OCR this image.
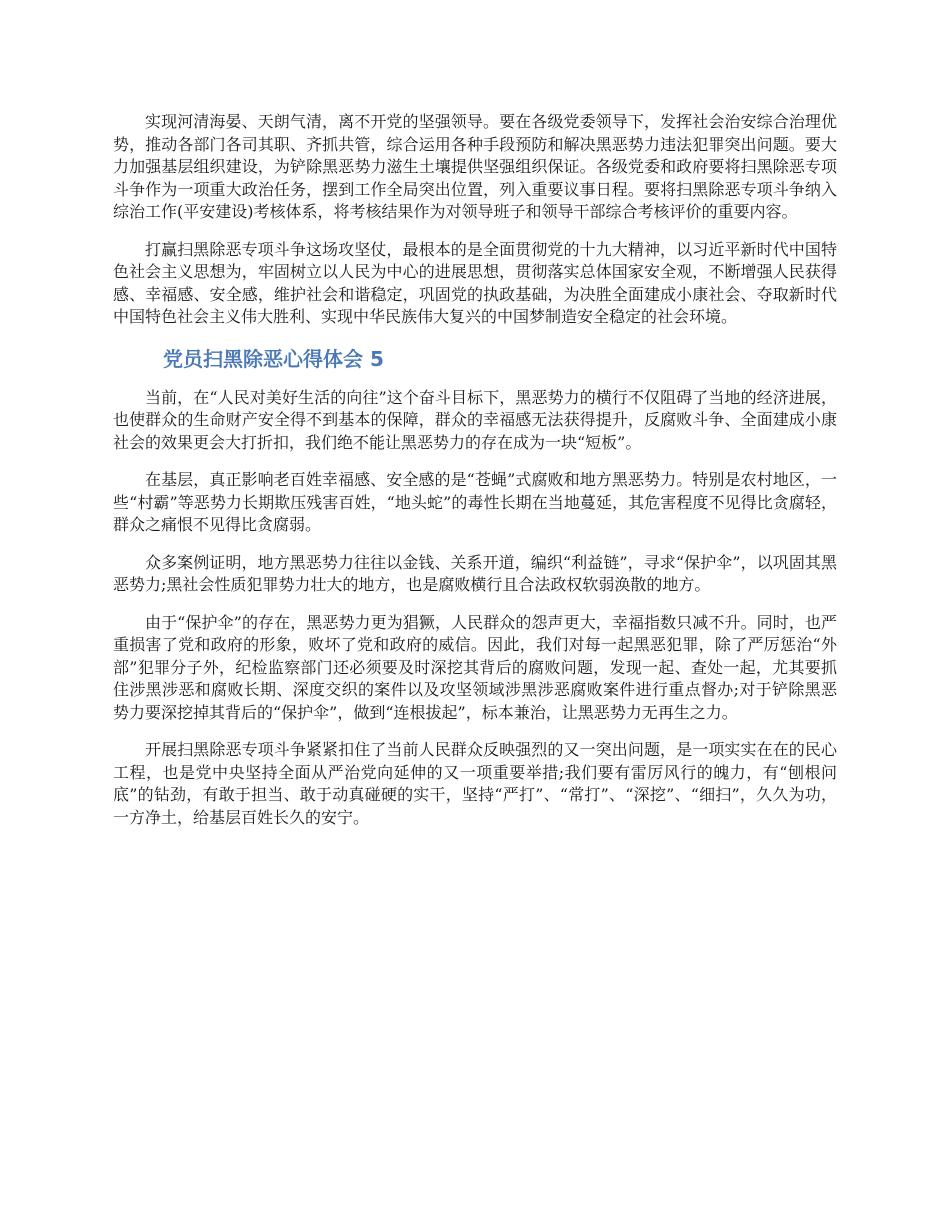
实现河清海晏、天朗气清，离不开党的坚强领导。要在各级党委领导下，发挥社会治安综合治理优势，推动各部门各司其职、齐抓共管，综合运用各种手段预防和解决黑恶势力违法犯罪突出问题。要大力加强基层组织建设，为铲除黑恶势力滋生土壤提供坚强组织保证。各级党委和政府要将扫黑除恶专项斗争作为一项重大政治任务，摆到工作全局突出位置，列入重要议事日程。要将扫黑除恶专项斗争纳入综治工作(平安建设)考核体系，将考核结果作为对领导班子和领导干部综合考核评价的重要内容。

打赢扫黑除恶专项斗争这场攻坚仗，最根本的是全面贯彻党的十九大精神，以习近平新时代中国特色社会主义思想为，牢固树立以人民为中心的进展思想，贯彻落实总体国家安全观，不断增强人民获得感、幸福感、安全感，维护社会和谐稳定，巩固党的执政基础，为决胜全面建成小康社会、夺取新时代中国特色社会主义伟大胜利、实现中华民族伟大复兴的中国梦制造安全稳定的社会环境。

党员扫黑除恶心得体会 5

当前，在“人民对美好生活的向往”这个奋斗目标下，黑恶势力的横行不仅阻碍了当地的经济进展，也使群众的生命财产安全得不到基本的保障，群众的幸福感无法获得提升，反腐败斗争、全面建成小康社会的效果更会大打折扣，我们绝不能让黑恶势力的存在成为一块“短板”。

在基层，真正影响老百姓幸福感、安全感的是“苍蝇”式腐败和地方黑恶势力。特别是农村地区，一些“村霸”等恶势力长期欺压残害百姓，“地头蛇”的毒性长期在当地蔓延，其危害程度不见得比贪腐轻，群众之痛恨不见得比贪腐弱。

众多案例证明，地方黑恶势力往往以金钱、关系开道，编织“利益链”，寻求“保护伞”，以巩固其黑恶势力;黑社会性质犯罪势力壮大的地方，也是腐败横行且合法政权软弱涣散的地方。

由于“保护伞”的存在，黑恶势力更为猖獗，人民群众的怨声更大，幸福指数只减不升。同时，也严重损害了党和政府的形象，败坏了党和政府的威信。因此，我们对每一起黑恶犯罪，除了严厉惩治“外部”犯罪分子外，纪检监察部门还必须要及时深挖其背后的腐败问题，发现一起、查处一起，尤其要抓住涉黑涉恶和腐败长期、深度交织的案件以及攻坚领域涉黑涉恶腐败案件进行重点督办;对于铲除黑恶势力要深挖掉其背后的“保护伞”，做到“连根拔起”，标本兼治，让黑恶势力无再生之力。

开展扫黑除恶专项斗争紧紧扣住了当前人民群众反映强烈的又一突出问题，是一项实实在在的民心工程，也是党中央坚持全面从严治党向延伸的又一项重要举措;我们要有雷厉风行的魄力，有“刨根问底”的钻劲，有敢于担当、敢于动真碰硬的实干，坚持“严打”、“常打”、“深挖”、“细扫”，久久为功，一方净土，给基层百姓长久的安宁。
